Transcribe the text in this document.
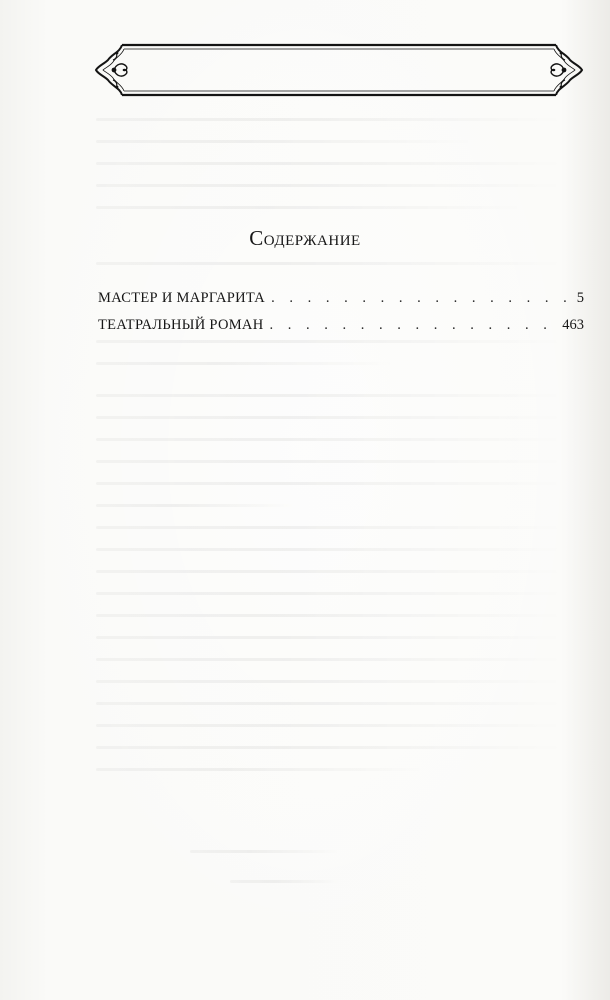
Содержание
МАСТЕР И МАРГАРИТА . . .	5
ТЕАТРАЛЬНЫЙ РОМАН . . .	463
